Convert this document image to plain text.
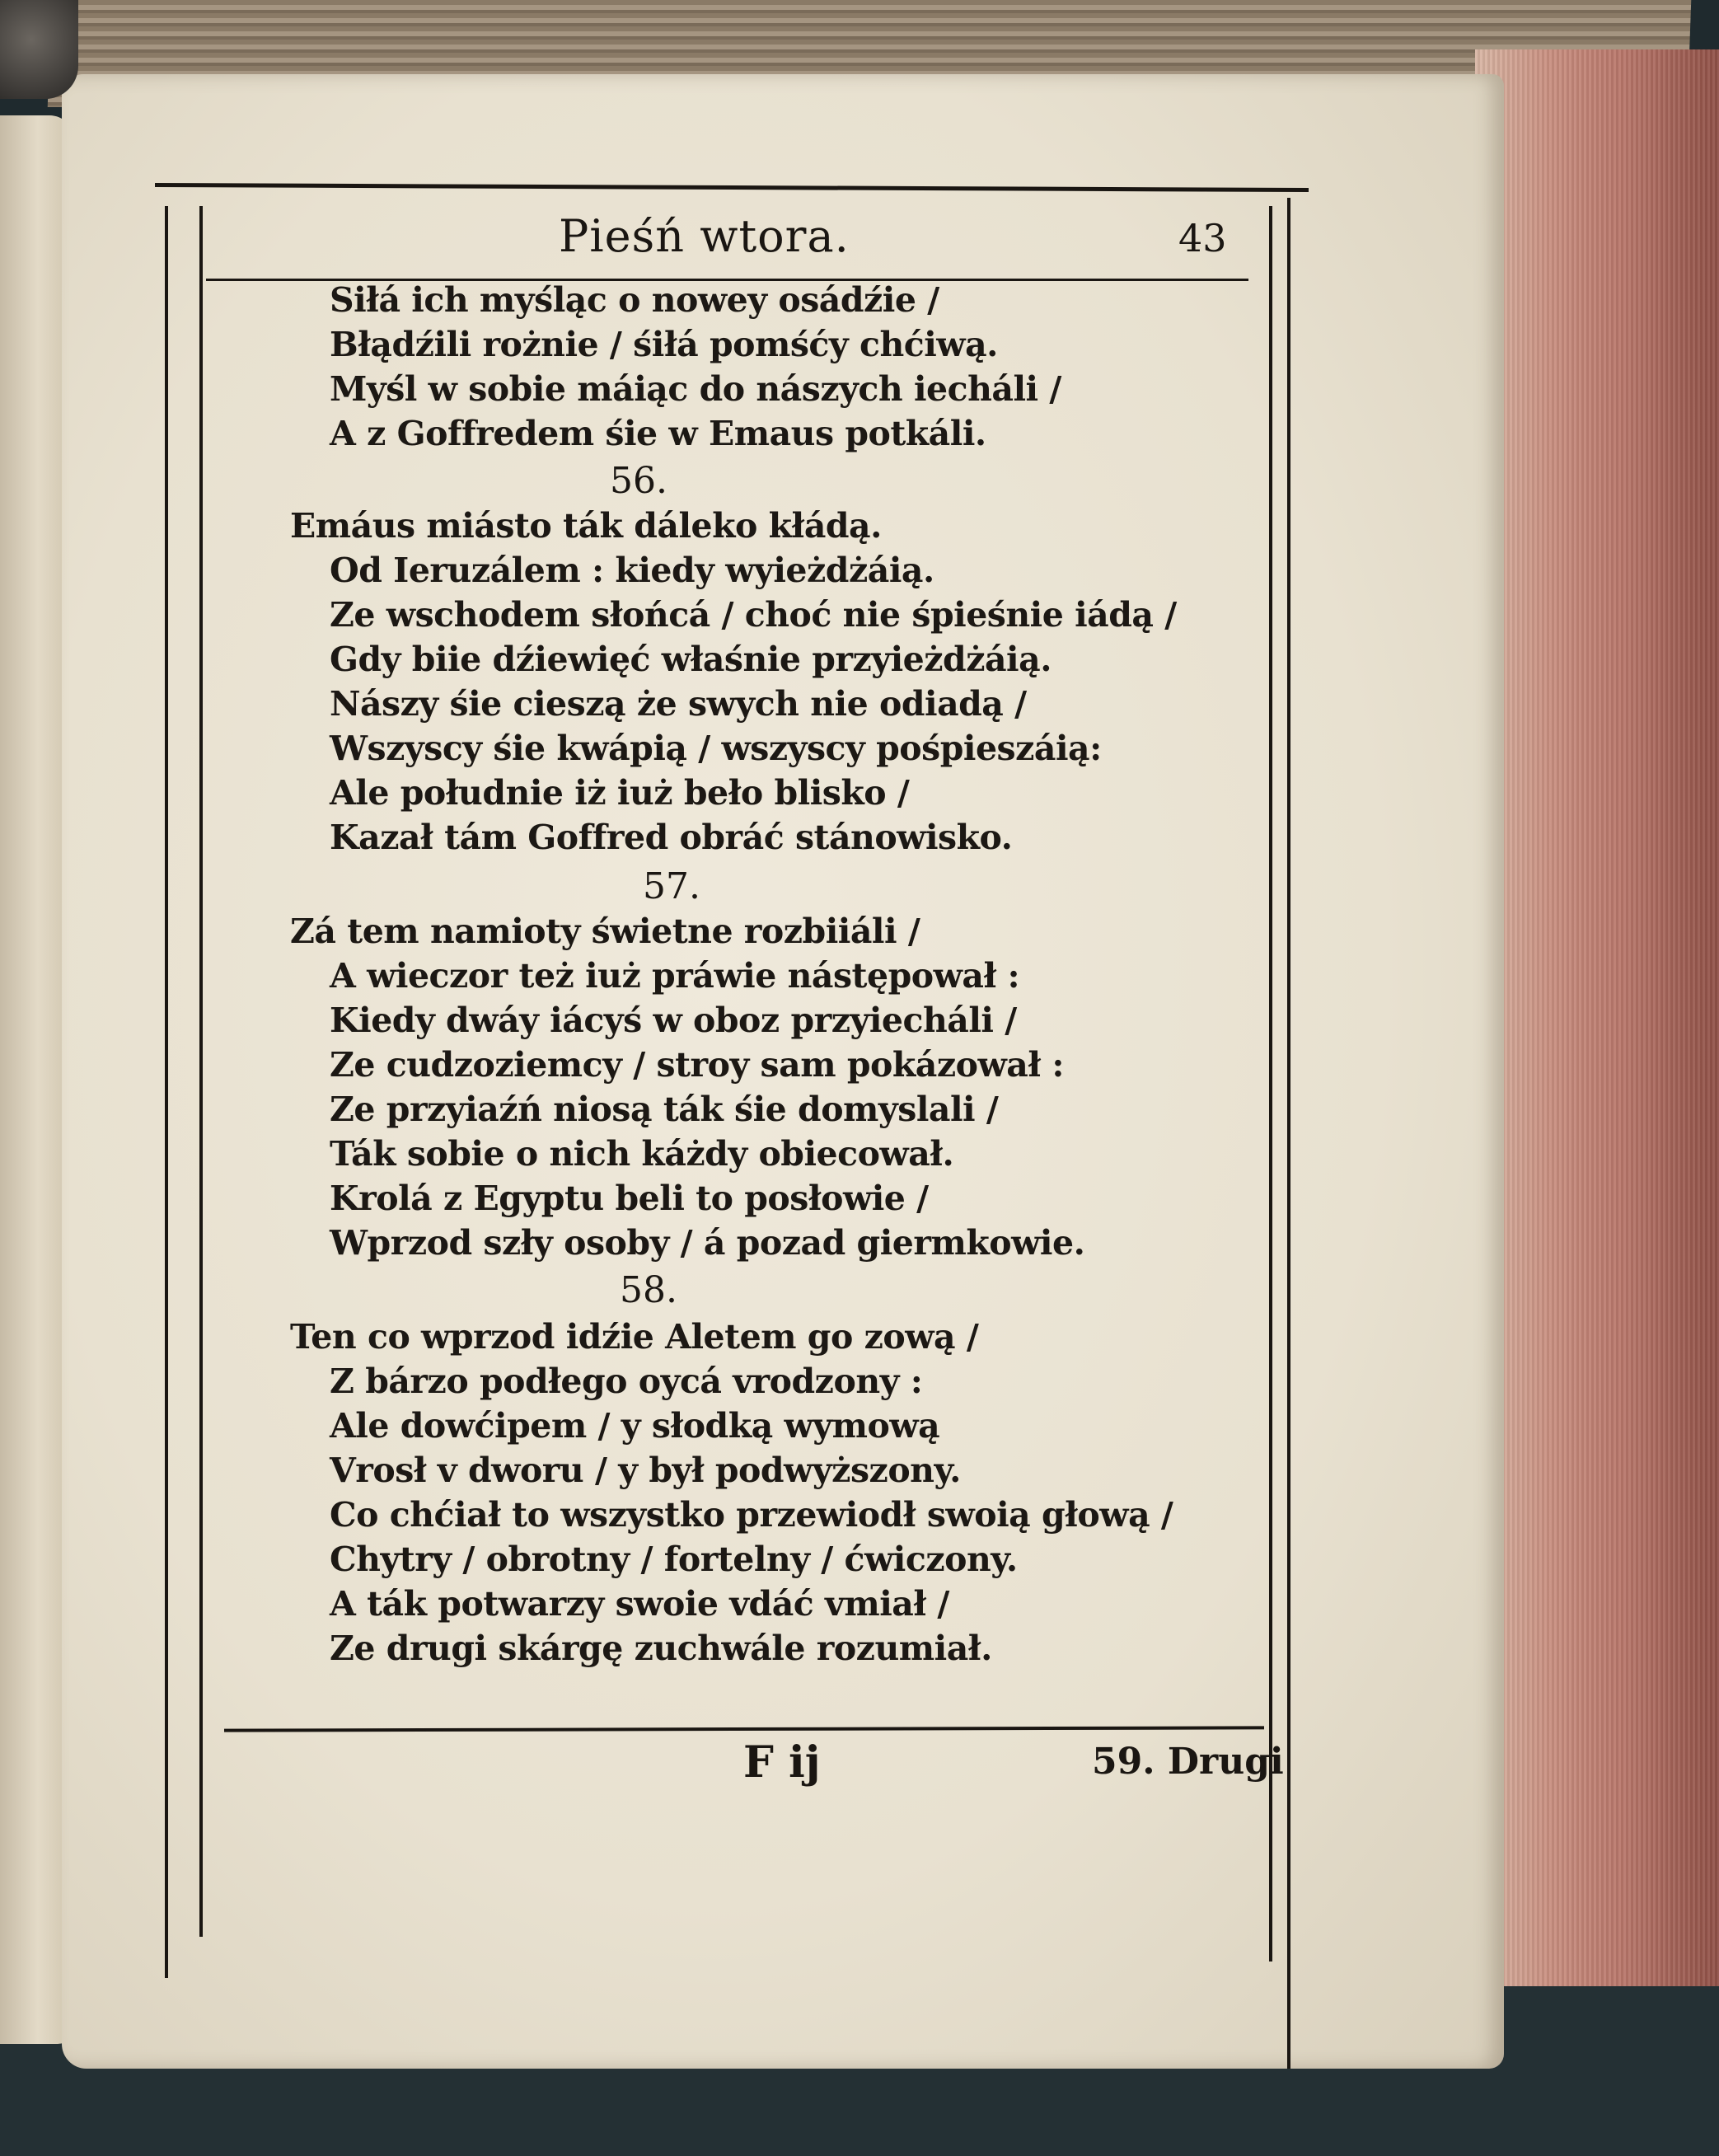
Pieśń wtora.	43
Siłá ich myśląc o nowey osádźie /
Błądźili rożnie / śiłá pomśćy chćiwą.
Myśl w sobie máiąc do nászych iecháli /
A z Goffredem śie w Emaus potkáli.
56.
Emáus miásto ták dáleko kłádą.
Od Ieruzálem : kiedy wyieżdżáią.
Ze wschodem słońcá / choć nie śpieśnie iádą /
Gdy biie dźiewięć właśnie przyieżdżáią.
Nászy śie cieszą że swych nie odiadą /
Wszyscy śie kwápią / wszyscy pośpieszáią:
Ale południe iż iuż beło blisko /
Kazał tám Goffred obráć stánowisko.
57.
Zá tem namioty świetne rozbiiáli /
A wieczor też iuż práwie nástępował :
Kiedy dwáy iácyś w oboz przyiecháli /
Ze cudzoziemcy / stroy sam pokázował :
Ze przyiaźń niosą ták śie domyslali /
Ták sobie o nich káżdy obiecował.
Krolá z Egyptu beli to posłowie /
Wprzod szły osoby / á pozad giermkowie.
58.
Ten co wprzod idźie Aletem go zową /
Z bárzo podłego oycá vrodzony :
Ale dowćipem / y słodką wymową
Vrosł v dworu / y był podwyższony.
Co chćiał to wszystko przewiodł swoią głową /
Chytry / obrotny / fortelny / ćwiczony.
A ták potwarzy swoie vdáć vmiał /
Ze drugi skárgę zuchwále rozumiał.
F ij	59. Drugi
